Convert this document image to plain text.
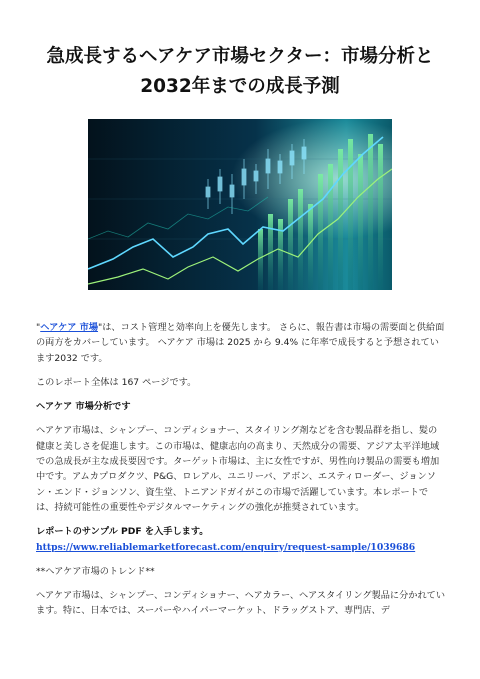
急成長するヘアケア市場セクター：市場分析と
2032年までの成長予測

"ヘアケア 市場"は、コスト管理と効率向上を優先します。 さらに、報告書は市場の需要面と供給面の両方をカバーしています。 ヘアケア 市場は 2025 から 9.4% に年率で成長すると予想されています2032 です。

このレポート全体は 167 ページです。

ヘアケア 市場分析です

ヘアケア市場は、シャンプー、コンディショナー、スタイリング剤などを含む製品群を指し、髪の健康と美しさを促進します。この市場は、健康志向の高まり、天然成分の需要、アジア太平洋地域での急成長が主な成長要因です。ターゲット市場は、主に女性ですが、男性向け製品の需要も増加中です。アムカプロダクツ、P&G、ロレアル、ユニリーバ、アボン、エスティローダー、ジョンソン・エンド・ジョンソン、資生堂、トニアンドガイがこの市場で活躍しています。本レポートでは、持続可能性の重要性やデジタルマーケティングの強化が推奨されています。

レポートのサンプル PDF を入手します。 https://www.reliablemarketforecast.com/enquiry/request-sample/1039686

**ヘアケア市場のトレンド**

ヘアケア市場は、シャンプー、コンディショナー、ヘアカラー、ヘアスタイリング製品に分かれています。特に、日本では、スーパーやハイパーマーケット、ドラッグストア、専門店、デ
